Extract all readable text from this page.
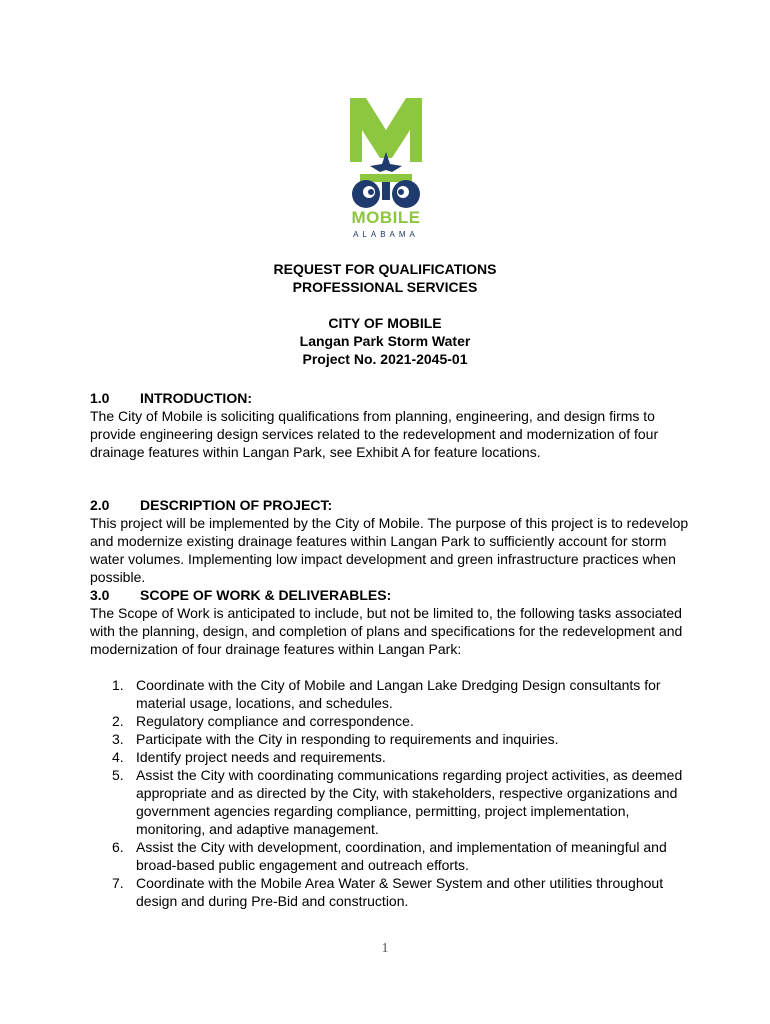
MOBILE
ALABAMA
REQUEST FOR QUALIFICATIONS
PROFESSIONAL SERVICES
CITY OF MOBILE
Langan Park Storm Water
Project No. 2021-2045-01
1.0 INTRODUCTION:

The City of Mobile is soliciting qualifications from planning, engineering, and design firms to provide engineering design services related to the redevelopment and modernization of four drainage features within Langan Park, see Exhibit A for feature locations.

2.0 DESCRIPTION OF PROJECT:

This project will be implemented by the City of Mobile. The purpose of this project is to redevelop and modernize existing drainage features within Langan Park to sufficiently account for storm water volumes. Implementing low impact development and green infrastructure practices when possible.

3.0 SCOPE OF WORK & DELIVERABLES:

The Scope of Work is anticipated to include, but not be limited to, the following tasks associated with the planning, design, and completion of plans and specifications for the redevelopment and modernization of four drainage features within Langan Park:

1. Coordinate with the City of Mobile and Langan Lake Dredging Design consultants for material usage, locations, and schedules.
2. Regulatory compliance and correspondence.
3. Participate with the City in responding to requirements and inquiries.
4. Identify project needs and requirements.
5. Assist the City with coordinating communications regarding project activities, as deemed appropriate and as directed by the City, with stakeholders, respective organizations and government agencies regarding compliance, permitting, project implementation, monitoring, and adaptive management.
6. Assist the City with development, coordination, and implementation of meaningful and broad-based public engagement and outreach efforts.
7. Coordinate with the Mobile Area Water & Sewer System and other utilities throughout design and during Pre-Bid and construction.
1
